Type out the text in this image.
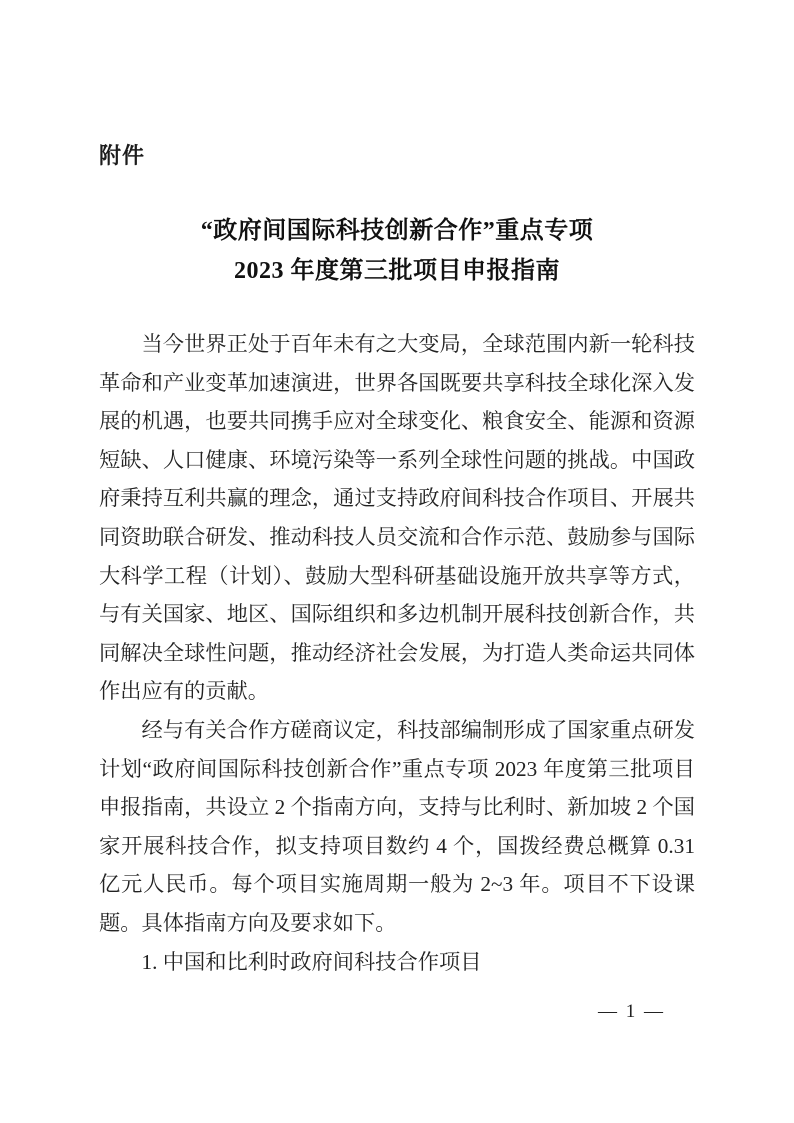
附件
“政府间国际科技创新合作”重点专项
2023 年度第三批项目申报指南

当今世界正处于百年未有之大变局，全球范围内新一轮科技革命和产业变革加速演进，世界各国既要共享科技全球化深入发展的机遇，也要共同携手应对全球变化、粮食安全、能源和资源短缺、人口健康、环境污染等一系列全球性问题的挑战。中国政府秉持互利共赢的理念，通过支持政府间科技合作项目、开展共同资助联合研发、推动科技人员交流和合作示范、鼓励参与国际大科学工程（计划）、鼓励大型科研基础设施开放共享等方式，与有关国家、地区、国际组织和多边机制开展科技创新合作，共同解决全球性问题，推动经济社会发展，为打造人类命运共同体作出应有的贡献。

经与有关合作方磋商议定，科技部编制形成了国家重点研发计划“政府间国际科技创新合作”重点专项 2023 年度第三批项目申报指南，共设立 2 个指南方向，支持与比利时、新加坡 2 个国家开展科技合作，拟支持项目数约 4 个，国拨经费总概算 0.31 亿元人民币。每个项目实施周期一般为 2~3 年。项目不下设课题。具体指南方向及要求如下。

1. 中国和比利时政府间科技合作项目

— 1 —
